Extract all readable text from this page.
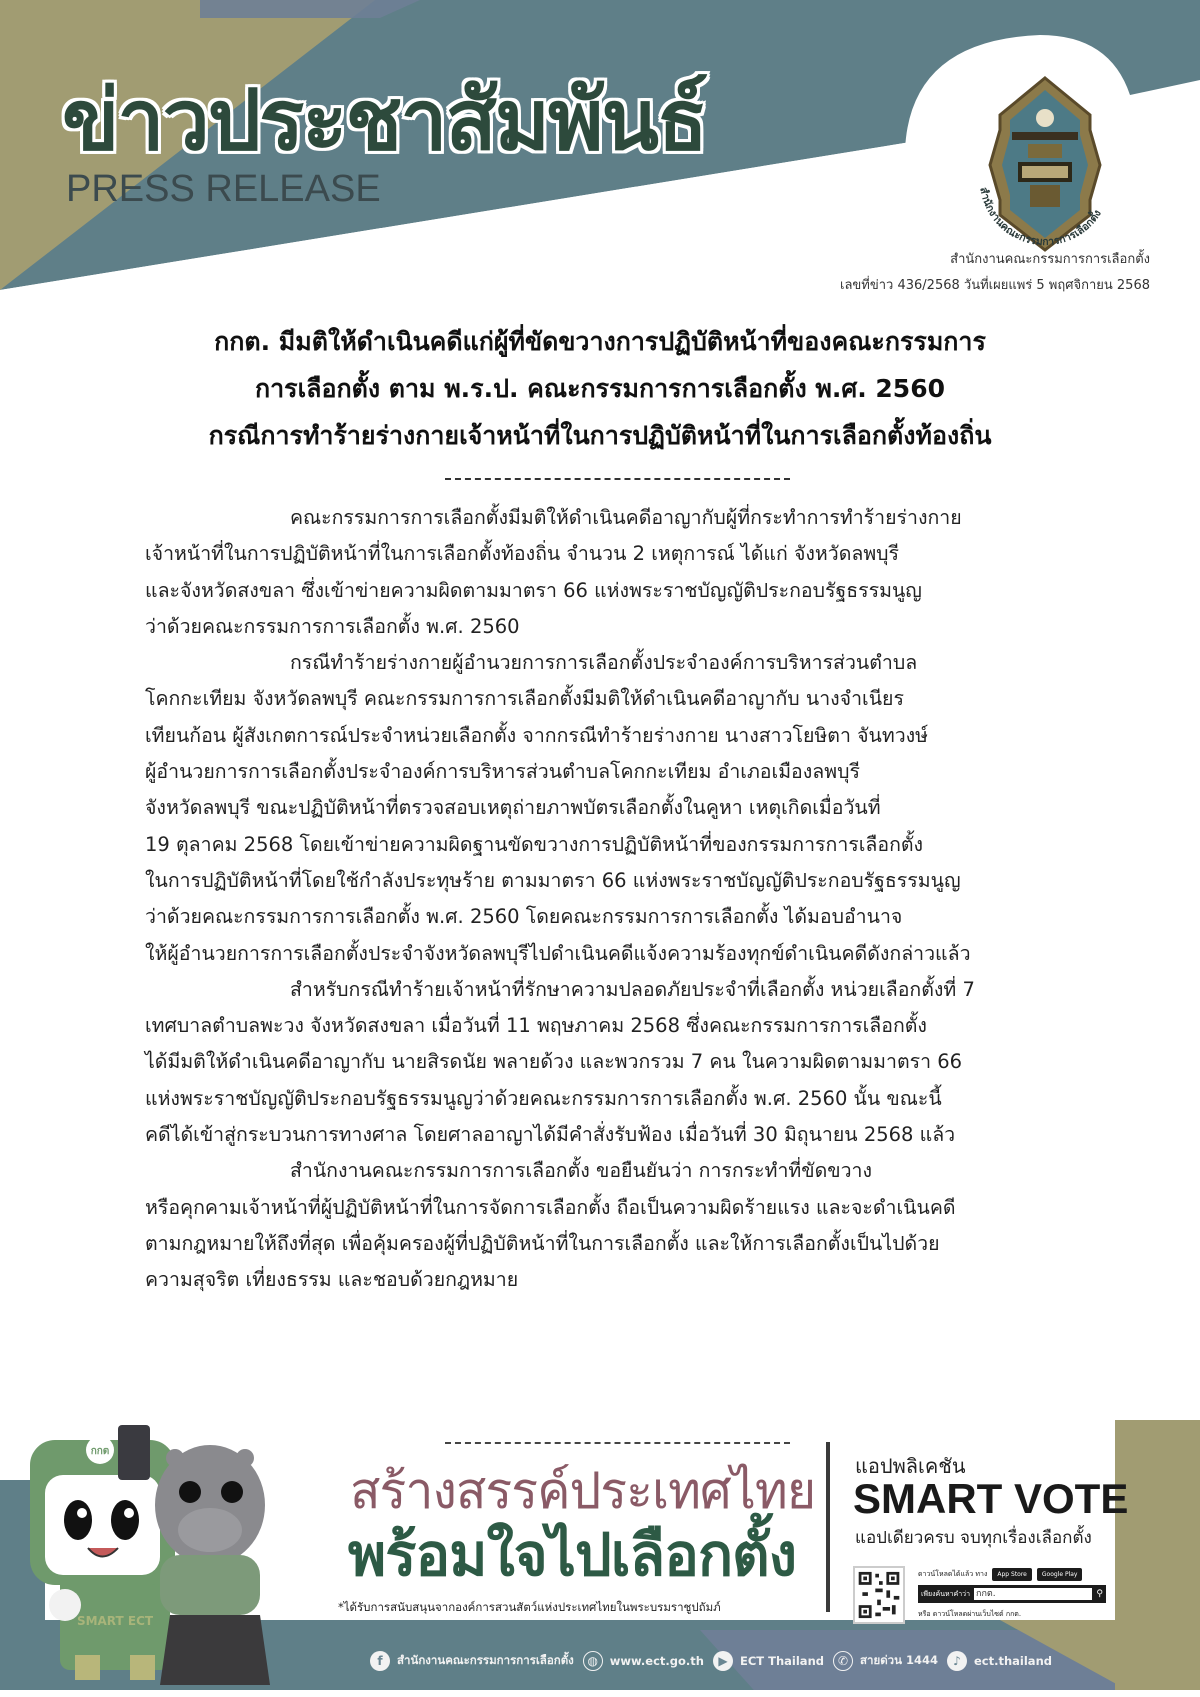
ข่าวประชาสัมพันธ์
PRESS RELEASE	สำนักงานคณะกรรมการการเลือกตั้ง
สำนักงานคณะกรรมการการเลือกตั้ง
เลขที่ข่าว 436/2568 วันที่เผยแพร่ 5 พฤศจิกายน 2568
กกต. มีมติให้ดำเนินคดีแก่ผู้ที่ขัดขวางการปฏิบัติหน้าที่ของคณะกรรมการ
การเลือกตั้ง ตาม พ.ร.ป. คณะกรรมการการเลือกตั้ง พ.ศ. 2560
กรณีการทำร้ายร่างกายเจ้าหน้าที่ในการปฏิบัติหน้าที่ในการเลือกตั้งท้องถิ่น

คณะกรรมการการเลือกตั้งมีมติให้ดำเนินคดีอาญากับผู้ที่กระทำการทำร้ายร่างกาย
เจ้าหน้าที่ในการปฏิบัติหน้าที่ในการเลือกตั้งท้องถิ่น จำนวน 2 เหตุการณ์ ได้แก่ จังหวัดลพบุรี
และจังหวัดสงขลา ซึ่งเข้าข่ายความผิดตามมาตรา 66 แห่งพระราชบัญญัติประกอบรัฐธรรมนูญ
ว่าด้วยคณะกรรมการการเลือกตั้ง พ.ศ. 2560

กรณีทำร้ายร่างกายผู้อำนวยการการเลือกตั้งประจำองค์การบริหารส่วนตำบล
โคกกะเทียม จังหวัดลพบุรี คณะกรรมการการเลือกตั้งมีมติให้ดำเนินคดีอาญากับ นางจำเนียร
เทียนก้อน ผู้สังเกตการณ์ประจำหน่วยเลือกตั้ง จากกรณีทำร้ายร่างกาย นางสาวโยษิตา จันทวงษ์
ผู้อำนวยการการเลือกตั้งประจำองค์การบริหารส่วนตำบลโคกกะเทียม อำเภอเมืองลพบุรี
จังหวัดลพบุรี ขณะปฏิบัติหน้าที่ตรวจสอบเหตุถ่ายภาพบัตรเลือกตั้งในคูหา เหตุเกิดเมื่อวันที่
19 ตุลาคม 2568 โดยเข้าข่ายความผิดฐานขัดขวางการปฏิบัติหน้าที่ของกรรมการการเลือกตั้ง
ในการปฏิบัติหน้าที่โดยใช้กำลังประทุษร้าย ตามมาตรา 66 แห่งพระราชบัญญัติประกอบรัฐธรรมนูญ
ว่าด้วยคณะกรรมการการเลือกตั้ง พ.ศ. 2560 โดยคณะกรรมการการเลือกตั้ง ได้มอบอำนาจ
ให้ผู้อำนวยการการเลือกตั้งประจำจังหวัดลพบุรีไปดำเนินคดีแจ้งความร้องทุกข์ดำเนินคดีดังกล่าวแล้ว

สำหรับกรณีทำร้ายเจ้าหน้าที่รักษาความปลอดภัยประจำที่เลือกตั้ง หน่วยเลือกตั้งที่ 7
เทศบาลตำบลพะวง จังหวัดสงขลา เมื่อวันที่ 11 พฤษภาคม 2568 ซึ่งคณะกรรมการการเลือกตั้ง
ได้มีมติให้ดำเนินคดีอาญากับ นายสิรดนัย พลายด้วง และพวกรวม 7 คน ในความผิดตามมาตรา 66
แห่งพระราชบัญญัติประกอบรัฐธรรมนูญว่าด้วยคณะกรรมการการเลือกตั้ง พ.ศ. 2560 นั้น ขณะนี้
คดีได้เข้าสู่กระบวนการทางศาล โดยศาลอาญาได้มีคำสั่งรับฟ้อง เมื่อวันที่ 30 มิถุนายน 2568 แล้ว

สำนักงานคณะกรรมการการเลือกตั้ง ขอยืนยันว่า การกระทำที่ขัดขวาง
หรือคุกคามเจ้าหน้าที่ผู้ปฏิบัติหน้าที่ในการจัดการเลือกตั้ง ถือเป็นความผิดร้ายแรง และจะดำเนินคดี
ตามกฎหมายให้ถึงที่สุด เพื่อคุ้มครองผู้ที่ปฏิบัติหน้าที่ในการเลือกตั้ง และให้การเลือกตั้งเป็นไปด้วย
ความสุจริต เที่ยงธรรม และชอบด้วยกฎหมาย

กกต
SMART ECT
สร้างสรรค์ประเทศไทย
พร้อมใจไปเลือกตั้ง
*ได้รับการสนับสนุนจากองค์การสวนสัตว์แห่งประเทศไทยในพระบรมราชูปถัมภ์
แอปพลิเคชัน
SMART VOTE
แอปเดียวครบ จบทุกเรื่องเลือกตั้ง
ดาวน์โหลดได้แล้ว ทาง	App Store	Google Play
เพียงค้นหาคำว่า กกต.	⚲
หรือ ดาวน์โหลดผ่านเว็บไซต์ กกต.
f	สำนักงานคณะกรรมการการเลือกตั้ง	◍	www.ect.go.th	▶	ECT Thailand	✆	สายด่วน 1444	♪	ect.thailand
